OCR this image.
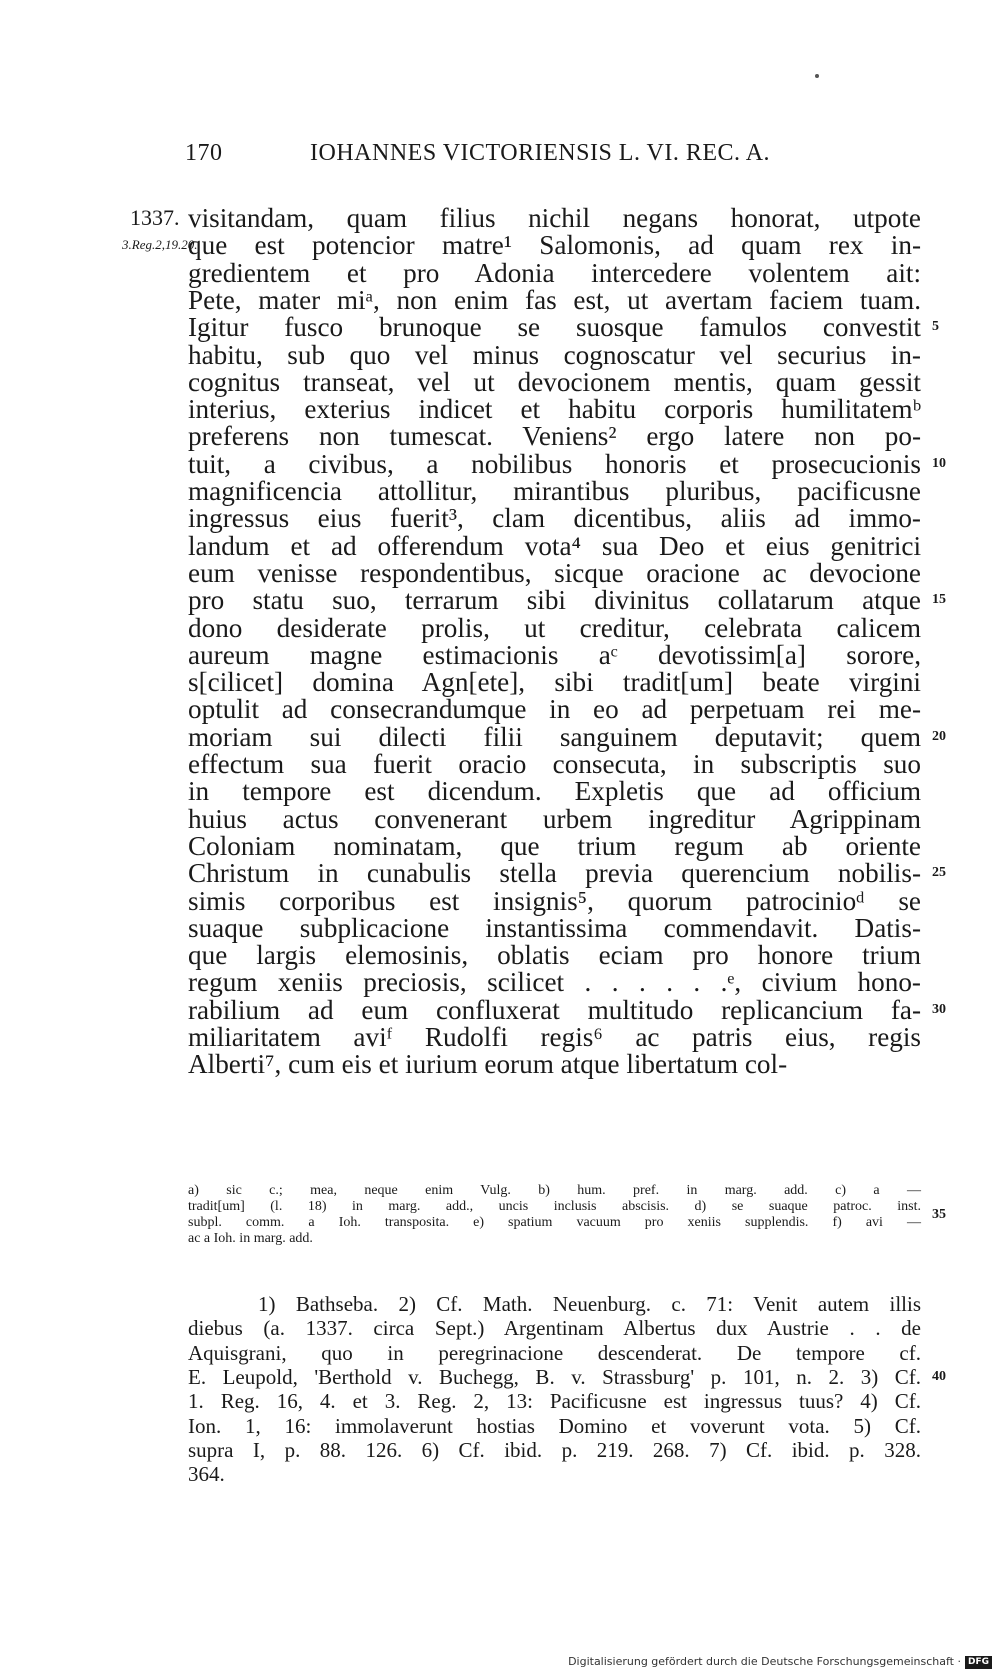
170	IOHANNES VICTORIENSIS L. VI. REC. A.
1337.
3.Reg.2,19.20.
visitandam, quam filius nichil negans honorat, utpote
que est potencior matre¹ Salomonis, ad quam rex in-
gredientem et pro Adonia intercedere volentem ait:
Pete, mater miᵃ, non enim fas est, ut avertam faciem tuam.
Igitur fusco brunoque se suosque famulos convestit
habitu, sub quo vel minus cognoscatur vel securius in-
cognitus transeat, vel ut devocionem mentis, quam gessit
interius, exterius indicet et habitu corporis humilitatemᵇ
preferens non tumescat. Veniens² ergo latere non po-
tuit, a civibus, a nobilibus honoris et prosecucionis
magnificencia attollitur, mirantibus pluribus, pacificusne
ingressus eius fuerit³, clam dicentibus, aliis ad immo-
landum et ad offerendum vota⁴ sua Deo et eius genitrici
eum venisse respondentibus, sicque oracione ac devocione
pro statu suo, terrarum sibi divinitus collatarum atque
dono desiderate prolis, ut creditur, celebrata calicem
aureum magne estimacionis aᶜ devotissim[a] sorore,
s[cilicet] domina Agn[ete], sibi tradit[um] beate virgini
optulit ad consecrandumque in eo ad perpetuam rei me-
moriam sui dilecti filii sanguinem deputavit; quem
effectum sua fuerit oracio consecuta, in subscriptis suo
in tempore est dicendum. Expletis que ad officium
huius actus convenerant urbem ingreditur Agrippinam
Coloniam nominatam, que trium regum ab oriente
Christum in cunabulis stella previa querencium nobilis-
simis corporibus est insignis⁵, quorum patrocinioᵈ se
suaque subplicacione instantissima commendavit. Datis-
que largis elemosinis, oblatis eciam pro honore trium
regum xeniis preciosis, scilicet . . . . . .ᵉ, civium hono-
rabilium ad eum confluxerat multitudo replicancium fa-
miliaritatem aviᶠ Rudolfi regis⁶ ac patris eius, regis
Alberti⁷, cum eis et iurium eorum atque libertatum col-
5
10
15
20
25
30
a) sic c.; mea, neque enim Vulg. b) hum. pref. in marg. add. c) a —
tradit[um] (l. 18) in marg. add., uncis inclusis abscisis. d) se suaque patroc. inst.
subpl. comm. a Ioh. transposita. e) spatium vacuum pro xeniis supplendis. f) avi —
ac a Ioh. in marg. add.
35
1) Bathseba. 2) Cf. Math. Neuenburg. c. 71: Venit autem illis
diebus (a. 1337. circa Sept.) Argentinam Albertus dux Austrie . . de
Aquisgrani, quo in peregrinacione descenderat. De tempore cf.
E. Leupold, 'Berthold v. Buchegg, B. v. Strassburg' p. 101, n. 2. 3) Cf.
1. Reg. 16, 4. et 3. Reg. 2, 13: Pacificusne est ingressus tuus? 4) Cf.
Ion. 1, 16: immolaverunt hostias Domino et voverunt vota. 5) Cf.
supra I, p. 88. 126. 6) Cf. ibid. p. 219. 268. 7) Cf. ibid. p. 328.
364.
40
Digitalisierung gefördert durch die Deutsche Forschungsgemeinschaft · DFG
